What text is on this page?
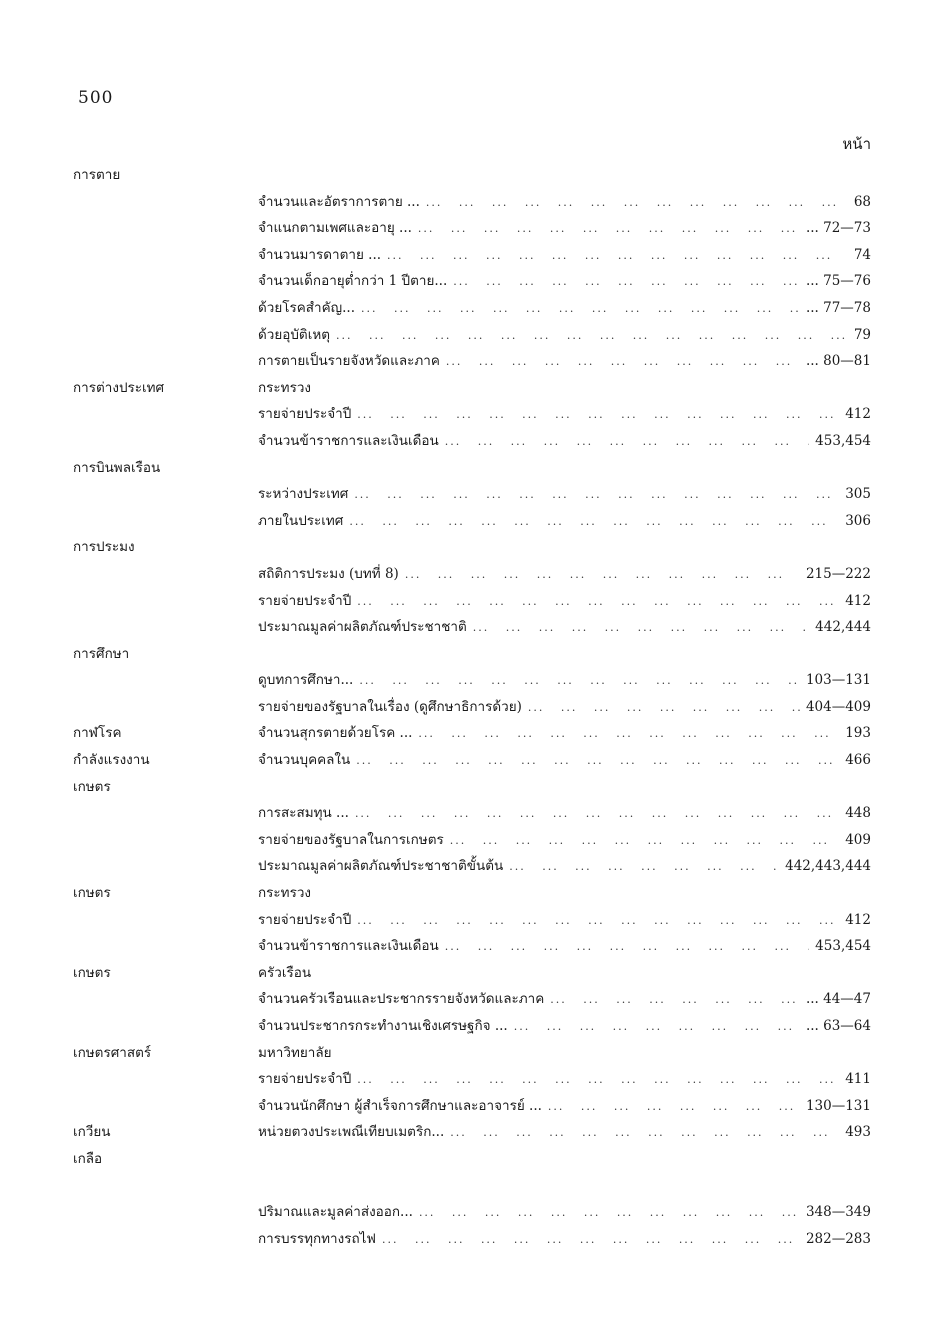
500
หน้า
การตาย
จำนวนและอัตราการตาย ... ...	68
จำแนกตามเพศและอายุ ... ...	... 72—73
จำนวนมารดาตาย ... ...	74
จำนวนเด็กอายุต่ำกว่า 1 ปีตาย... ...	... 75—76
ด้วยโรคสำคัญ... ...	... 77—78
ด้วยอุบัติเหตุ ...	79
การตายเป็นรายจังหวัดและภาค ...	... 80—81
การต่างประเทศ	กระทรวง
รายจ่ายประจำปี ...	412
จำนวนข้าราชการและเงินเดือน ...	453,454
การบินพลเรือน
ระหว่างประเทศ ...	305
ภายในประเทศ ...	306
การประมง
สถิติการประมง (บทที่ 8) ...	215—222
รายจ่ายประจำปี ...	412
ประมาณมูลค่าผลิตภัณฑ์ประชาชาติ ...	442,444
การศึกษา
ดูบทการศึกษา... ...	103—131
รายจ่ายของรัฐบาลในเรื่อง (ดูศึกษาธิการด้วย) ...	404—409
กาฬโรค	จำนวนสุกรตายด้วยโรค ... ...	193
กำลังแรงงาน	จำนวนบุคคลใน ...	466
เกษตร
การสะสมทุน ... ...	448
รายจ่ายของรัฐบาลในการเกษตร ...	409
ประมาณมูลค่าผลิตภัณฑ์ประชาชาติขั้นต้น ...	442,443,444
เกษตร	กระทรวง
รายจ่ายประจำปี ...	412
จำนวนข้าราชการและเงินเดือน ...	453,454
เกษตร	ครัวเรือน
จำนวนครัวเรือนและประชากรรายจังหวัดและภาค ...	... 44—47
จำนวนประชากรกระทำงานเชิงเศรษฐกิจ ... ...	... 63—64
เกษตรศาสตร์	มหาวิทยาลัย
รายจ่ายประจำปี ...	411
จำนวนนักศึกษา ผู้สำเร็จการศึกษาและอาจารย์ ... ...	130—131
เกวียน	หน่วยตวงประเพณีเทียบเมตริก... ...	493
เกลือ
ปริมาณและมูลค่าส่งออก... ...	348—349
การบรรทุกทางรถไฟ ...	282—283
